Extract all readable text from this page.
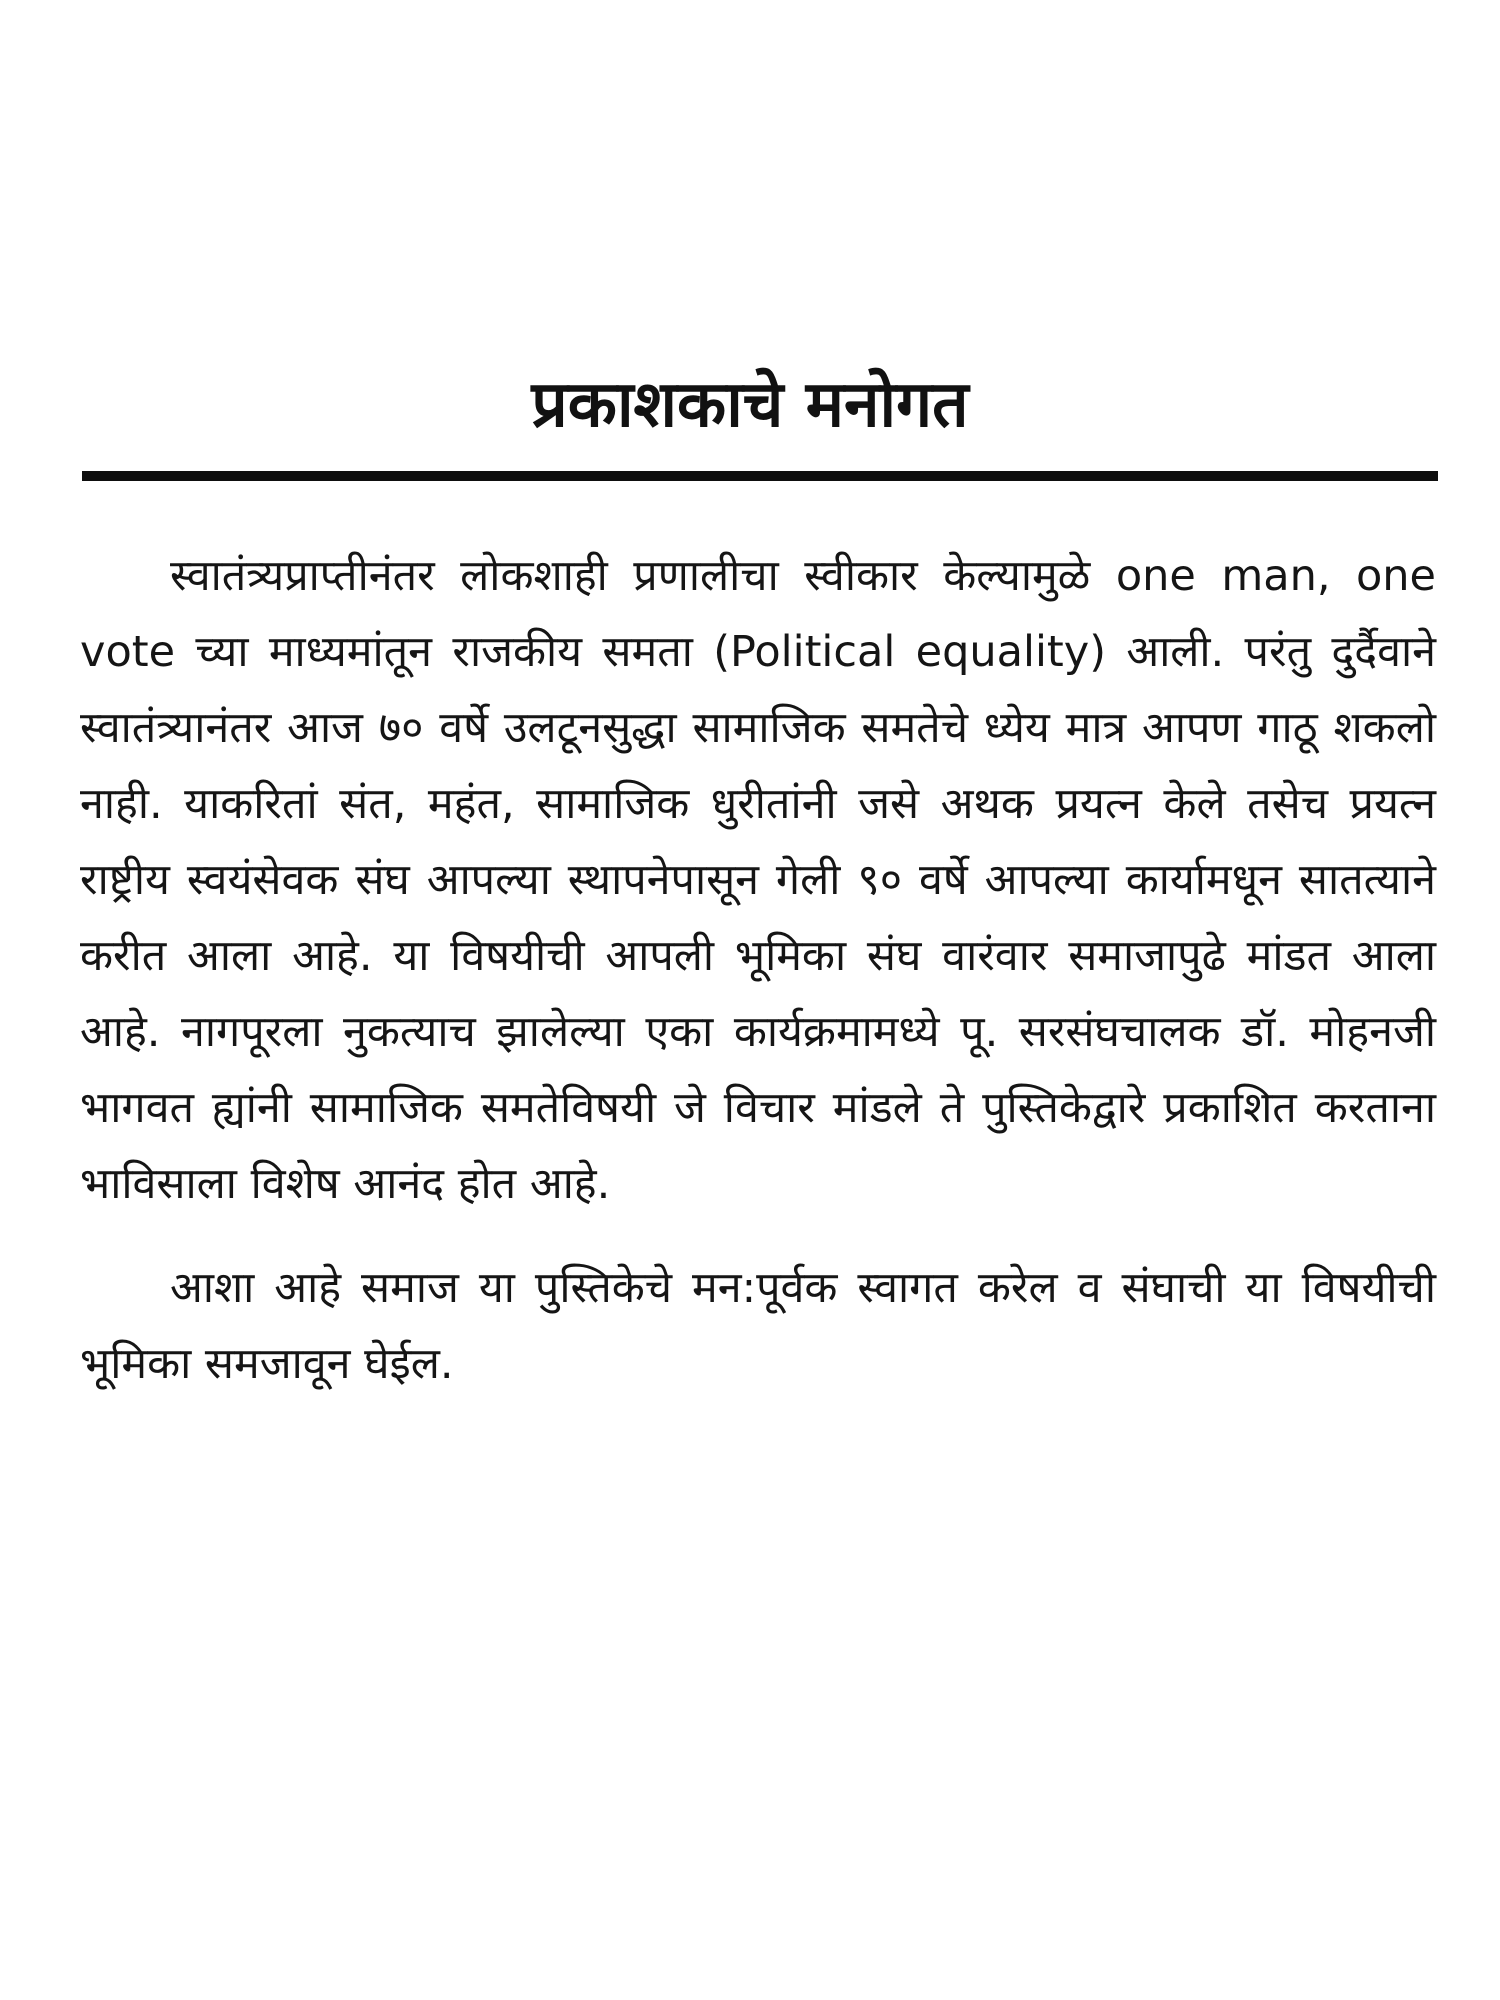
प्रकाशकाचे मनोगत

स्वातंत्र्यप्राप्तीनंतर लोकशाही प्रणालीचा स्वीकार केल्यामुळे one man, one vote च्या माध्यमांतून राजकीय समता (Political equality) आली. परंतु दुर्दैवाने स्वातंत्र्यानंतर आज ७० वर्षे उलटूनसुद्धा सामाजिक समतेचे ध्येय मात्र आपण गाठू शकलो नाही. याकरितां संत, महंत, सामाजिक धुरीतांनी जसे अथक प्रयत्न केले तसेच प्रयत्न राष्ट्रीय स्वयंसेवक संघ आपल्या स्थापनेपासून गेली ९० वर्षे आपल्या कार्यामधून सातत्याने करीत आला आहे. या विषयीची आपली भूमिका संघ वारंवार समाजापुढे मांडत आला आहे. नागपूरला नुकत्याच झालेल्या एका कार्यक्रमामध्ये पू. सरसंघचालक डॉ. मोहनजी भागवत ह्यांनी सामाजिक समतेविषयी जे विचार मांडले ते पुस्तिकेद्वारे प्रकाशित करताना भाविसाला विशेष आनंद होत आहे.

आशा आहे समाज या पुस्तिकेचे मन:पूर्वक स्वागत करेल व संघाची या विषयीची भूमिका समजावून घेईल.
